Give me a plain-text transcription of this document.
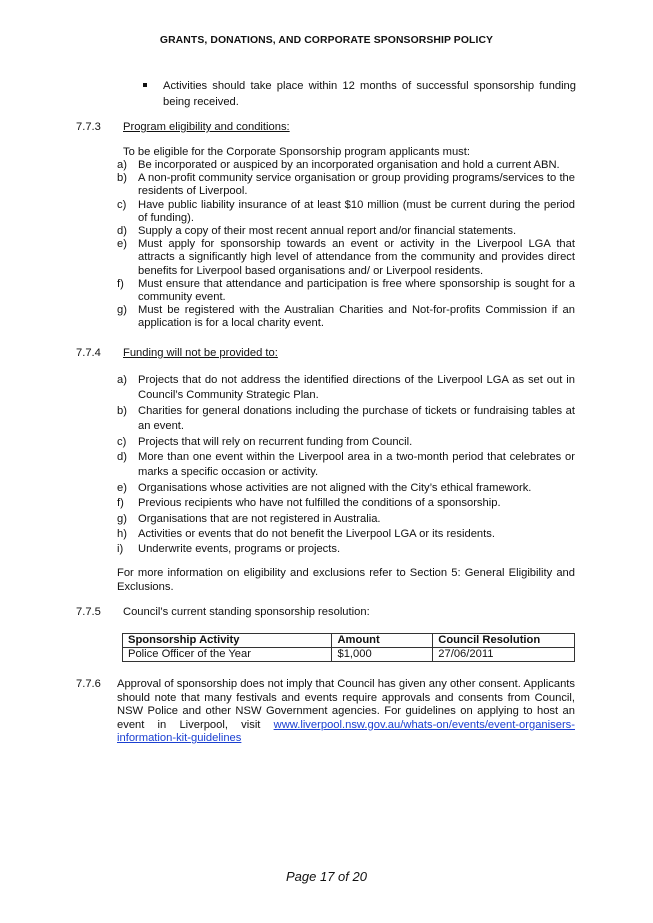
GRANTS, DONATIONS, AND CORPORATE SPONSORSHIP POLICY
Activities should take place within 12 months of successful sponsorship funding being received.
7.7.3 Program eligibility and conditions:
To be eligible for the Corporate Sponsorship program applicants must:
a) Be incorporated or auspiced by an incorporated organisation and hold a current ABN.
b) A non-profit community service organisation or group providing programs/services to the residents of Liverpool.
c) Have public liability insurance of at least $10 million (must be current during the period of funding).
d) Supply a copy of their most recent annual report and/or financial statements.
e) Must apply for sponsorship towards an event or activity in the Liverpool LGA that attracts a significantly high level of attendance from the community and provides direct benefits for Liverpool based organisations and/ or Liverpool residents.
f) Must ensure that attendance and participation is free where sponsorship is sought for a community event.
g) Must be registered with the Australian Charities and Not-for-profits Commission if an application is for a local charity event.
7.7.4 Funding will not be provided to:
a) Projects that do not address the identified directions of the Liverpool LGA as set out in Council’s Community Strategic Plan.
b) Charities for general donations including the purchase of tickets or fundraising tables at an event.
c) Projects that will rely on recurrent funding from Council.
d) More than one event within the Liverpool area in a two-month period that celebrates or marks a specific occasion or activity.
e) Organisations whose activities are not aligned with the City’s ethical framework.
f) Previous recipients who have not fulfilled the conditions of a sponsorship.
g) Organisations that are not registered in Australia.
h) Activities or events that do not benefit the Liverpool LGA or its residents.
i) Underwrite events, programs or projects.
For more information on eligibility and exclusions refer to Section 5: General Eligibility and Exclusions.
7.7.5 Council’s current standing sponsorship resolution:
Sponsorship Activity	Amount	Council Resolution
Police Officer of the Year	$1,000	27/06/2011
7.7.6 Approval of sponsorship does not imply that Council has given any other consent. Applicants should note that many festivals and events require approvals and consents from Council, NSW Police and other NSW Government agencies. For guidelines on applying to host an event in Liverpool, visit www.liverpool.nsw.gov.au/whats-on/events/event-organisers-information-kit-guidelines
Page 17 of 20
